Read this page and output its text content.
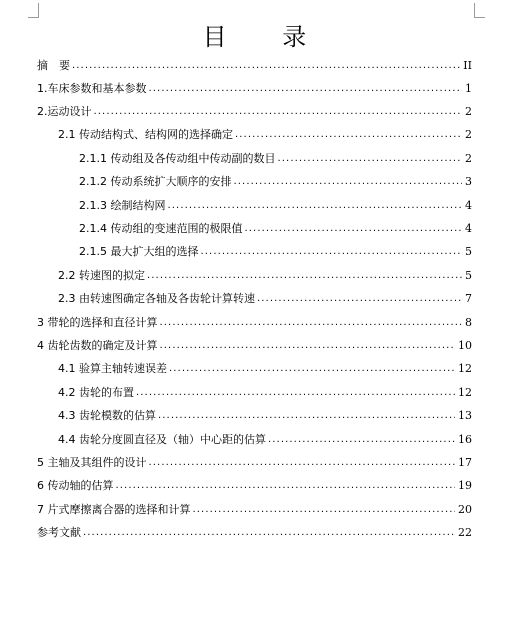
目 录
摘　要 .....	II
1.车床参数和基本参数 .....	1
2.运动设计 .....	2
2.1 传动结构式、结构网的选择确定 .....	2
2.1.1 传动组及各传动组中传动副的数目 .....	2
2.1.2 传动系统扩大顺序的安排 .....	3
2.1.3 绘制结构网 .....	4
2.1.4 传动组的变速范围的极限值 .....	4
2.1.5 最大扩大组的选择 .....	5
2.2 转速图的拟定 .....	5
2.3 由转速图确定各轴及各齿轮计算转速 .....	7
3 带轮的选择和直径计算 .....	8
4 齿轮齿数的确定及计算 .....	10
4.1 验算主轴转速误差 .....	12
4.2 齿轮的布置 .....	12
4.3 齿轮模数的估算 .....	13
4.4 齿轮分度圆直径及（轴）中心距的估算 .....	16
5 主轴及其组件的设计 .....	17
6 传动轴的估算 .....	19
7 片式摩擦离合器的选择和计算 .....	20
参考文献 .....	22
